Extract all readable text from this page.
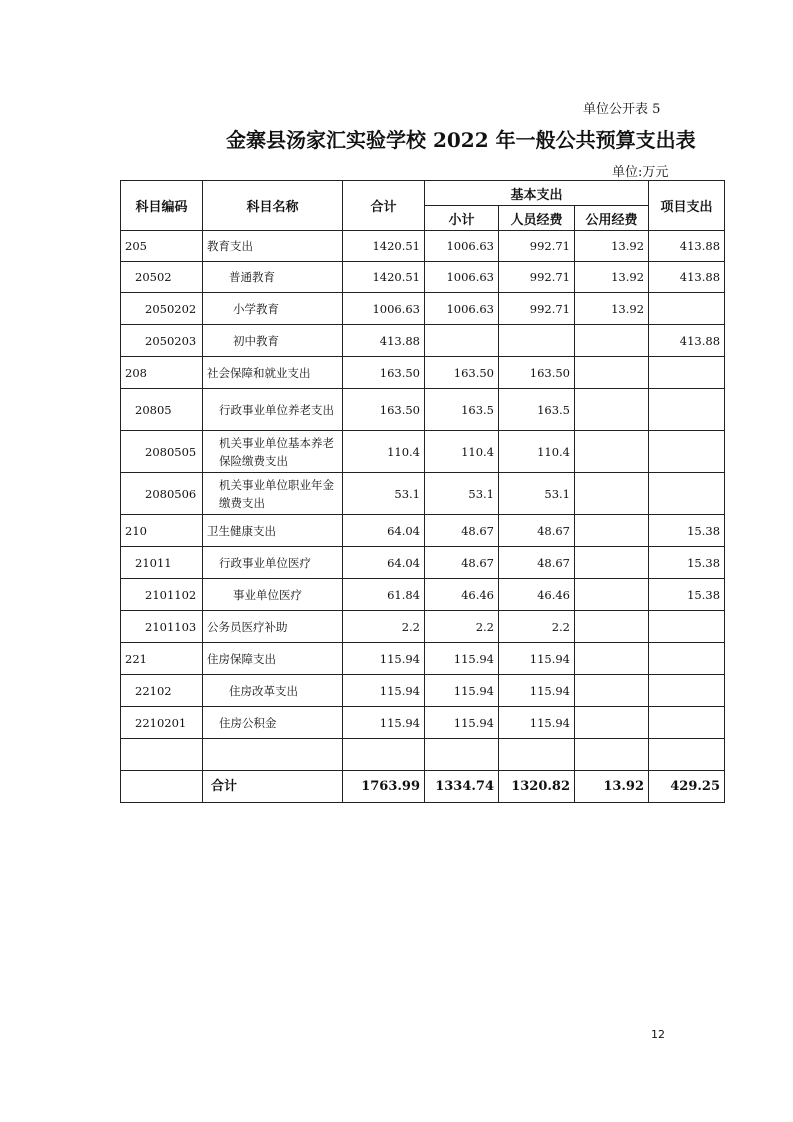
单位公开表 5
金寨县汤家汇实验学校 2022 年一般公共预算支出表
单位:万元
科目编码	科目名称	合计	基本支出			项目支出
			小计	人员经费	公用经费	
205	教育支出	1420.51	1006.63	992.71	13.92	413.88
20502	普通教育	1420.51	1006.63	992.71	13.92	413.88
2050202	小学教育	1006.63	1006.63	992.71	13.92	
2050203	初中教育	413.88				413.88
208	社会保障和就业支出	163.50	163.50	163.50		
20805	行政事业单位养老支出	163.50	163.5	163.5		
2080505	机关事业单位基本养老保险缴费支出	110.4	110.4	110.4		
2080506	机关事业单位职业年金缴费支出	53.1	53.1	53.1		
210	卫生健康支出	64.04	48.67	48.67		15.38
21011	行政事业单位医疗	64.04	48.67	48.67		15.38
2101102	事业单位医疗	61.84	46.46	46.46		15.38
2101103	公务员医疗补助	2.2	2.2	2.2		
221	住房保障支出	115.94	115.94	115.94		
22102	住房改革支出	115.94	115.94	115.94		
2210201	住房公积金	115.94	115.94	115.94		

	合计	1763.99	1334.74	1320.82	13.92	429.25
12
